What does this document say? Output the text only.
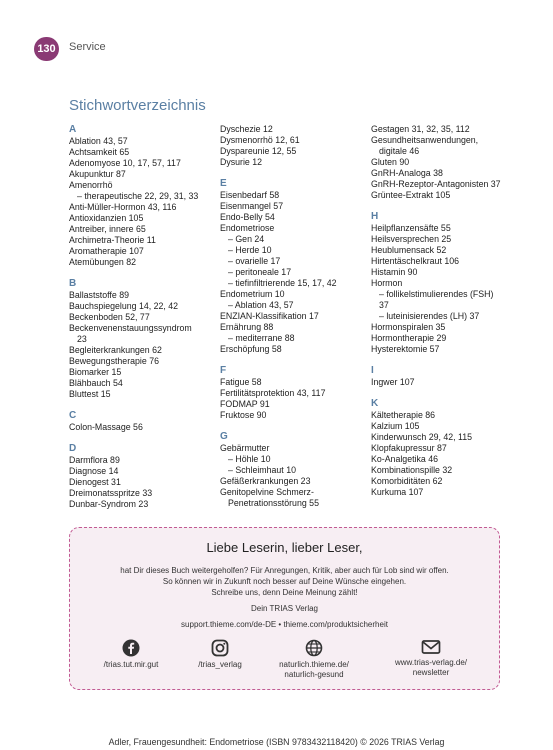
130	Service
Stichwortverzeichnis
A
Ablation 43, 57
Achtsamkeit 65
Adenomyose 10, 17, 57, 117
Akupunktur 87
Amenorrhö
– therapeutische 22, 29, 31, 33
Anti-Müller-Hormon 43, 116
Antioxidanzien 105
Antreiber, innere 65
Archimetra-Theorie 11
Aromatherapie 107
Atemübungen 82
B
Ballaststoffe 89
Bauchspiegelung 14, 22, 42
Beckenboden 52, 77
Beckenvenenstauungssyndrom
23
Begleiterkrankungen 62
Bewegungstherapie 76
Biomarker 15
Blähbauch 54
Bluttest 15
C
Colon-Massage 56
D
Darmflora 89
Diagnose 14
Dienogest 31
Dreimonatsspritze 33
Dunbar-Syndrom 23
Dyschezie 12
Dysmenorrhö 12, 61
Dyspareunie 12, 55
Dysurie 12
E
Eisenbedarf 58
Eisenmangel 57
Endo-Belly 54
Endometriose
– Gen 24
– Herde 10
– ovarielle 17
– peritoneale 17
– tiefinfiltrierende 15, 17, 42
Endometrium 10
– Ablation 43, 57
ENZIAN-Klassifikation 17
Ernährung 88
– mediterrane 88
Erschöpfung 58
F
Fatigue 58
Fertilitätsprotektion 43, 117
FODMAP 91
Fruktose 90
G
Gebärmutter
– Höhle 10
– Schleimhaut 10
Gefäßerkrankungen 23
Genitopelvine Schmerz-
Penetrationsstörung 55
Gestagen 31, 32, 35, 112
Gesundheitsanwendungen,
digitale 46
Gluten 90
GnRH-Analoga 38
GnRH-Rezeptor-Antagonisten 37
Grüntee-Extrakt 105
H
Heilpflanzensäfte 55
Heilsversprechen 25
Heublumensack 52
Hirtentäschelkraut 106
Histamin 90
Hormon
– follikelstimulierendes (FSH)
37
– luteinisierendes (LH) 37
Hormonspiralen 35
Hormontherapie 29
Hysterektomie 57
I
Ingwer 107
K
Kältetherapie 86
Kalzium 105
Kinderwunsch 29, 42, 115
Klopfakupressur 87
Ko-Analgetika 46
Kombinationspille 32
Komorbiditäten 62
Kurkuma 107
Liebe Leserin, lieber Leser,
hat Dir dieses Buch weitergeholfen? Für Anregungen, Kritik, aber auch für Lob sind wir offen.
So können wir in Zukunft noch besser auf Deine Wünsche eingehen.
Schreibe uns, denn Deine Meinung zählt!
Dein TRIAS Verlag
support.thieme.com/de-DE • thieme.com/produktsicherheit
/trias.tut.mir.gut	/trias_verlag	naturlich.thieme.de/
naturlich-gesund
www.trias-verlag.de/
newsletter
Adler, Frauengesundheit: Endometriose (ISBN 9783432118420) © 2026 TRIAS Verlag
